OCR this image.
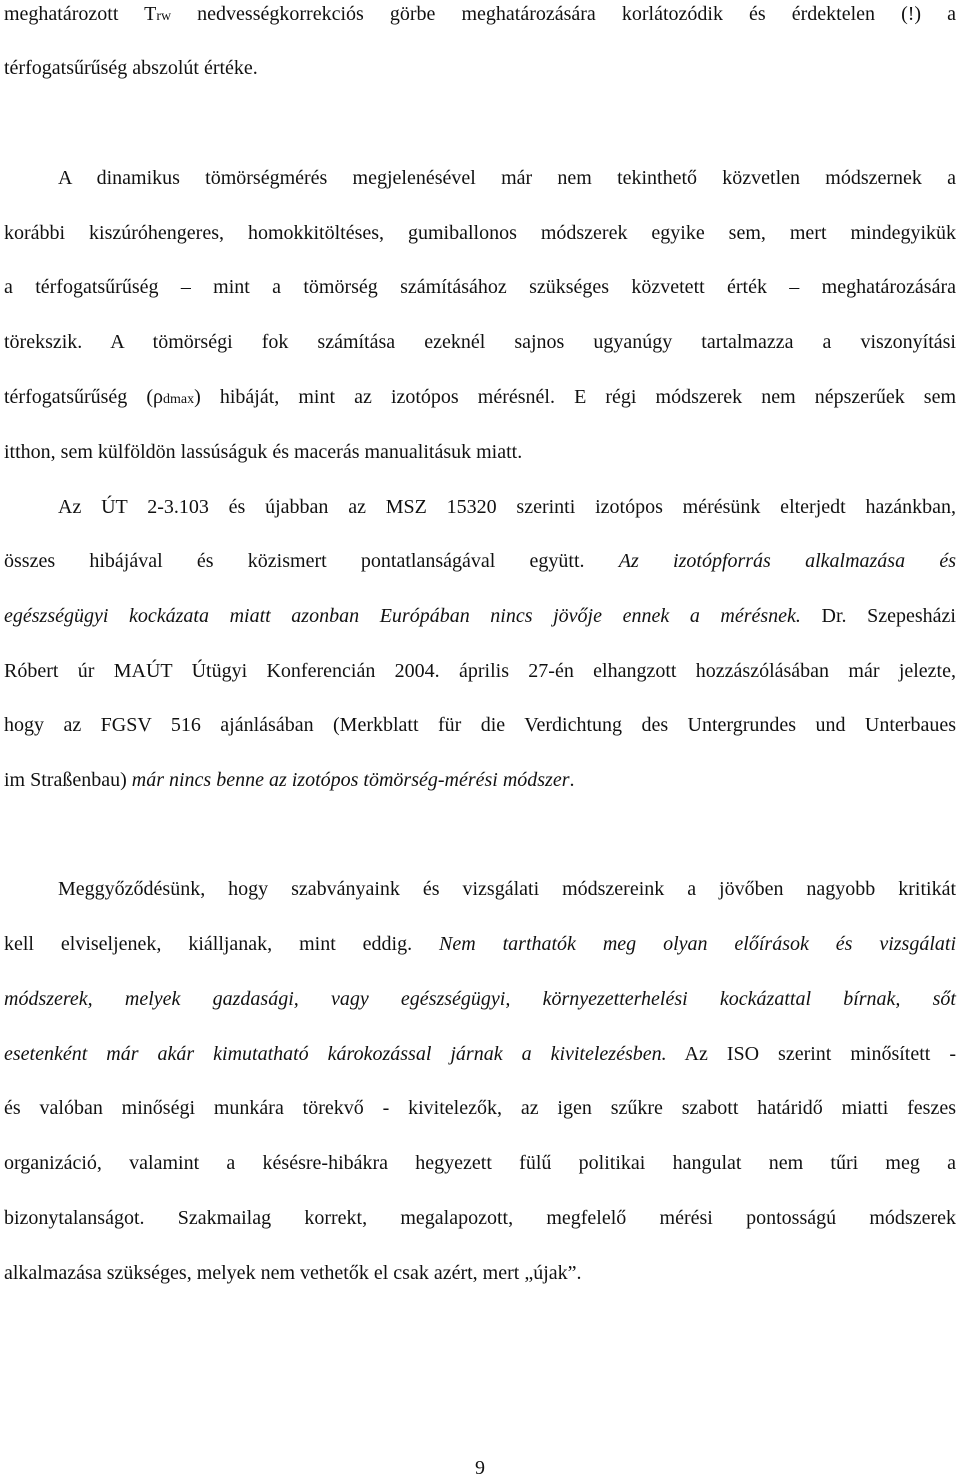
meghatározott Trw nedvességkorrekciós görbe meghatározására korlátozódik és érdektelen (!) a
térfogatsűrűség abszolút értéke.
A dinamikus tömörségmérés megjelenésével már nem tekinthető közvetlen módszernek a
korábbi kiszúróhengeres, homokkitöltéses, gumiballonos módszerek egyike sem, mert mindegyikük
a térfogatsűrűség – mint a tömörség számításához szükséges közvetett érték – meghatározására
törekszik. A tömörségi fok számítása ezeknél sajnos ugyanúgy tartalmazza a viszonyítási
térfogatsűrűség (ρdmax) hibáját, mint az izotópos mérésnél. E régi módszerek nem népszerűek sem
itthon, sem külföldön lassúságuk és macerás manualitásuk miatt.
Az ÚT 2-3.103 és újabban az MSZ 15320 szerinti izotópos mérésünk elterjedt hazánkban,
összes hibájával és közismert pontatlanságával együtt. Az izotópforrás alkalmazása és
egészségügyi kockázata miatt azonban Európában nincs jövője ennek a mérésnek. Dr. Szepesházi
Róbert úr MAÚT Útügyi Konferencián 2004. április 27-én elhangzott hozzászólásában már jelezte,
hogy az FGSV 516 ajánlásában (Merkblatt für die Verdichtung des Untergrundes und Unterbaues
im Straßenbau) már nincs benne az izotópos tömörség-mérési módszer.
Meggyőződésünk, hogy szabványaink és vizsgálati módszereink a jövőben nagyobb kritikát
kell elviseljenek, kiálljanak, mint eddig. Nem tarthatók meg olyan előírások és vizsgálati
módszerek, melyek gazdasági, vagy egészségügyi, környezetterhelési kockázattal bírnak, sőt
esetenként már akár kimutatható károkozással járnak a kivitelezésben. Az ISO szerint minősített -
és valóban minőségi munkára törekvő - kivitelezők, az igen szűkre szabott határidő miatti feszes
organizáció, valamint a késésre-hibákra hegyezett fülű politikai hangulat nem tűri meg a
bizonytalanságot. Szakmailag korrekt, megalapozott, megfelelő mérési pontosságú módszerek
alkalmazása szükséges, melyek nem vethetők el csak azért, mert „újak”.
9
